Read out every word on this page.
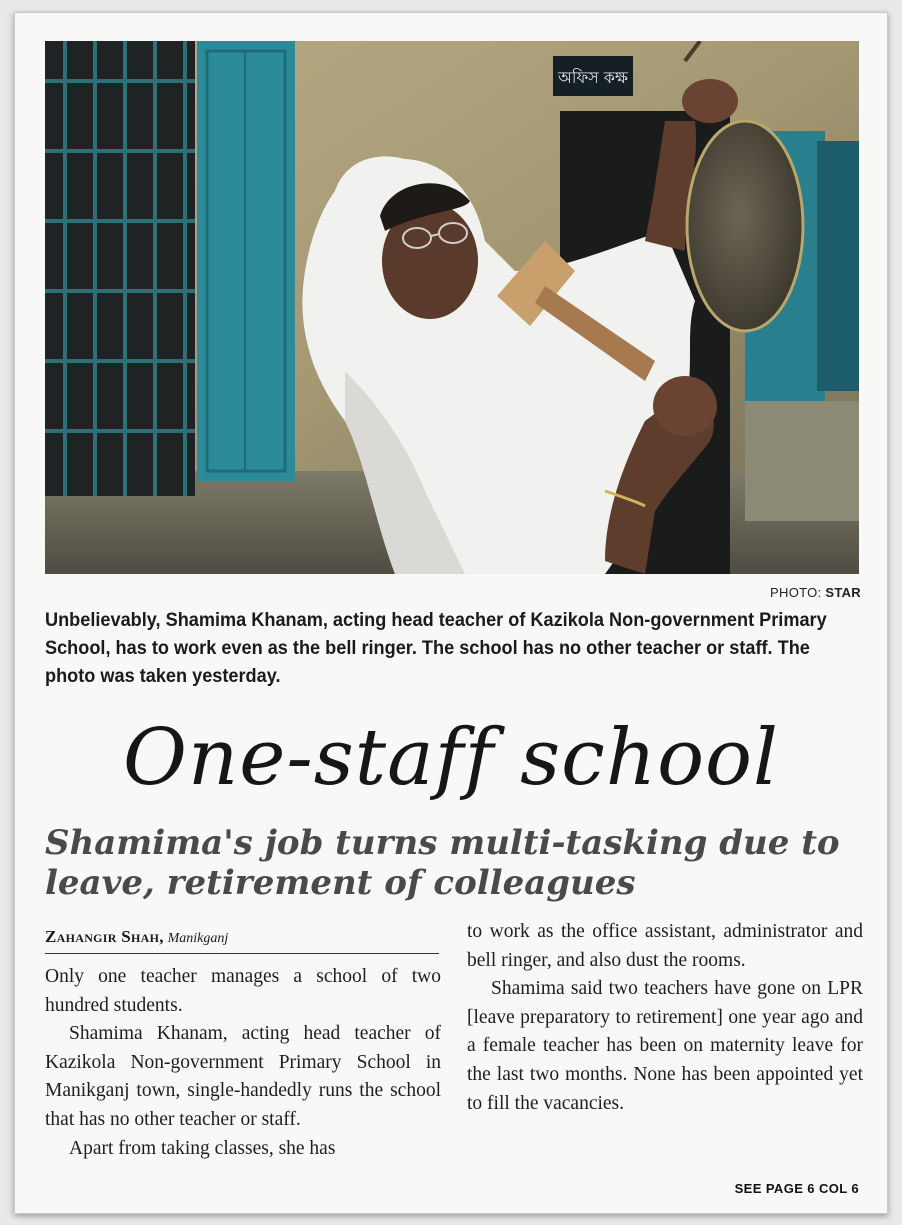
অফিস কক্ষ
PHOTO: STAR
Unbelievably, Shamima Khanam, acting head teacher of Kazikola Non-government Primary School, has to work even as the bell ringer. The school has no other teacher or staff. The photo was taken yesterday.
One-staff school
Shamima's job turns multi-tasking due to leave, retirement of colleagues
Zahangir Shah, Manikganj

Only one teacher manages a school of two hundred students.

Shamima Khanam, acting head teacher of Kazikola Non-government Primary School in Manikganj town, single-handedly runs the school that has no other teacher or staff.

Apart from taking classes, she has

to work as the office assistant, administrator and bell ringer, and also dust the rooms.

Shamima said two teachers have gone on LPR [leave preparatory to retirement] one year ago and a female teacher has been on maternity leave for the last two months. None has been appointed yet to fill the vacancies.

SEE PAGE 6 COL 6
